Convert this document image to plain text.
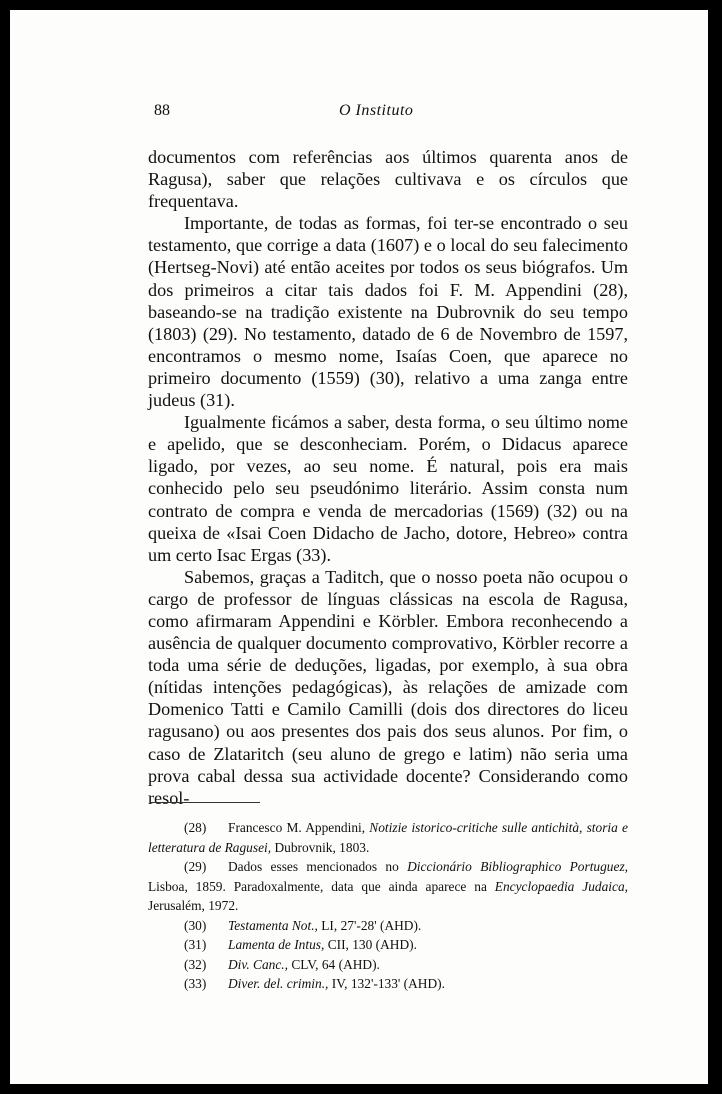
88	O Instituto

documentos com referências aos últimos quarenta anos de Ragusa), saber que relações cultivava e os círculos que frequentava.

Importante, de todas as formas, foi ter-se encontrado o seu testamento, que corrige a data (1607) e o local do seu falecimento (Hertseg-Novi) até então aceites por todos os seus biógrafos. Um dos primeiros a citar tais dados foi F. M. Appendini (28), baseando-se na tradição existente na Dubrovnik do seu tempo (1803) (29). No testamento, datado de 6 de Novembro de 1597, encontramos o mesmo nome, Isaías Coen, que aparece no primeiro documento (1559) (30), relativo a uma zanga entre judeus (31).

Igualmente ficámos a saber, desta forma, o seu último nome e apelido, que se desconheciam. Porém, o Didacus aparece ligado, por vezes, ao seu nome. É natural, pois era mais conhecido pelo seu pseudónimo literário. Assim consta num contrato de compra e venda de mercadorias (1569) (32) ou na queixa de «Isai Coen Didacho de Jacho, dotore, Hebreo» contra um certo Isac Ergas (33).

Sabemos, graças a Taditch, que o nosso poeta não ocupou o cargo de professor de línguas clássicas na escola de Ragusa, como afirmaram Appendini e Körbler. Embora reconhecendo a ausência de qualquer documento comprovativo, Körbler recorre a toda uma série de deduções, ligadas, por exemplo, à sua obra (nítidas intenções pedagógicas), às relações de amizade com Domenico Tatti e Camilo Camilli (dois dos directores do liceu ragusano) ou aos presentes dos pais dos seus alunos. Por fim, o caso de Zlataritch (seu aluno de grego e latim) não seria uma prova cabal dessa sua actividade docente? Considerando como resol-

(28) Francesco M. Appendini, Notizie istorico-critiche sulle antichità, storia e letteratura de Ragusei, Dubrovnik, 1803.

(29) Dados esses mencionados no Diccionário Bibliographico Portuguez, Lisboa, 1859. Paradoxalmente, data que ainda aparece na Encyclopaedia Judaica, Jerusalém, 1972.

(30) Testamenta Not., LI, 27'-28' (AHD).

(31) Lamenta de Intus, CII, 130 (AHD).

(32) Div. Canc., CLV, 64 (AHD).

(33) Diver. del. crimin., IV, 132'-133' (AHD).
